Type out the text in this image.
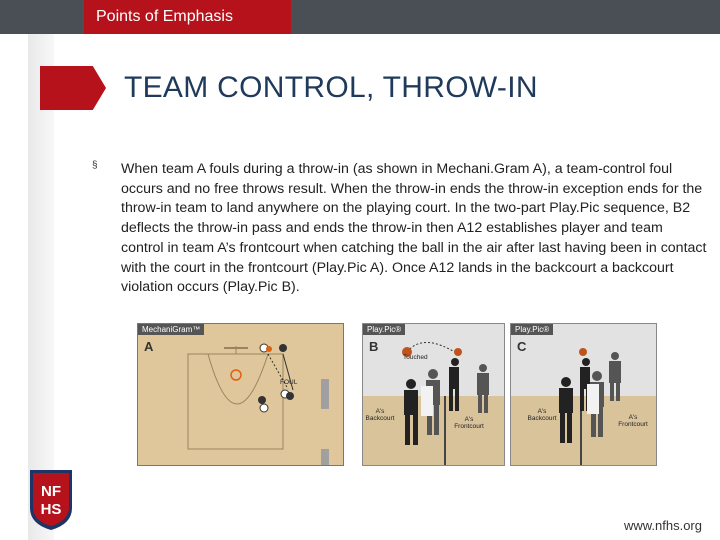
Points of Emphasis
TEAM CONTROL, THROW-IN
§ When team A fouls during a throw-in (as shown in Mechani.Gram A), a team-control foul occurs and no free throws result. When the throw-in ends the throw-in exception ends for the throw-in team to land anywhere on the playing court. In the two-part Play.Pic sequence, B2 deflects the throw-in pass and ends the throw-in then A12 establishes player and team control in team A’s frontcourt when catching the ball in the air after last having been in contact with the court in the frontcourt (Play.Pic A). Once A12 lands in the backcourt a backcourt violation occurs (Play.Pic B).
MechaniGram™
A
FOUL
Play.Pic®
B
Touched
A's Backcourt	A's Frontcourt
Play.Pic®
C
A's Backcourt	A's Frontcourt
NF
HS
www.nfhs.org
